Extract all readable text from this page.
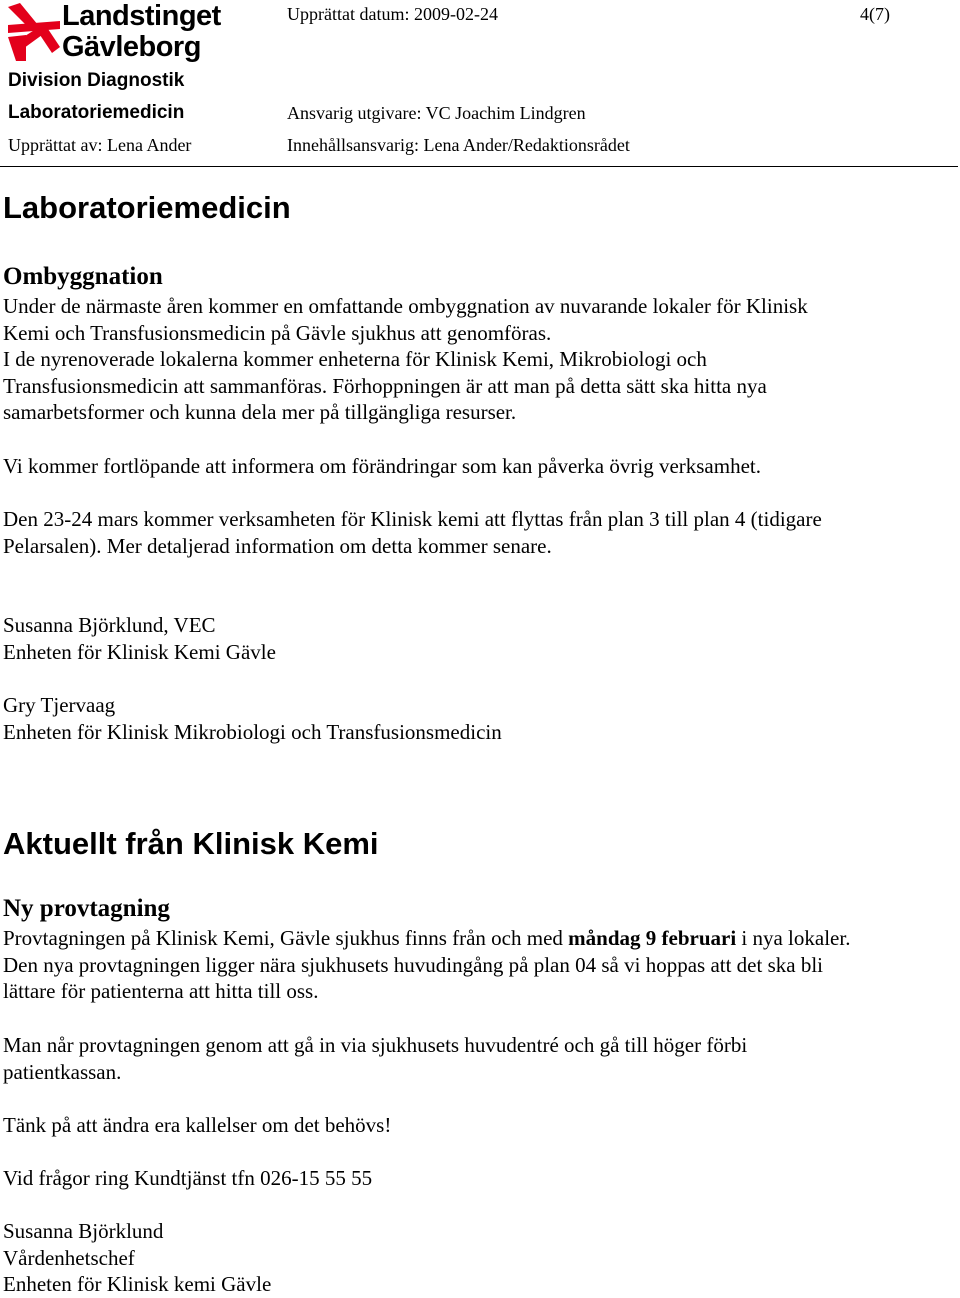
Landstinget
Gävleborg
Division Diagnostik
Laboratoriemedicin
Upprättat av: Lena Ander
Upprättat datum: 2009-02-24	4(7)
Ansvarig utgivare: VC Joachim Lindgren
Innehållsansvarig: Lena Ander/Redaktionsrådet
Laboratoriemedicin
Ombyggnation
Under de närmaste åren kommer en omfattande ombyggnation av nuvarande lokaler för Klinisk
Kemi och Transfusionsmedicin på Gävle sjukhus att genomföras.
I de nyrenoverade lokalerna kommer enheterna för Klinisk Kemi, Mikrobiologi och
Transfusionsmedicin att sammanföras. Förhoppningen är att man på detta sätt ska hitta nya
samarbetsformer och kunna dela mer på tillgängliga resurser.
Vi kommer fortlöpande att informera om förändringar som kan påverka övrig verksamhet.
Den 23-24 mars kommer verksamheten för Klinisk kemi att flyttas från plan 3 till plan 4 (tidigare
Pelarsalen). Mer detaljerad information om detta kommer senare.
Susanna Björklund, VEC
Enheten för Klinisk Kemi Gävle
Gry Tjervaag
Enheten för Klinisk Mikrobiologi och Transfusionsmedicin
Aktuellt från Klinisk Kemi
Ny provtagning
Provtagningen på Klinisk Kemi, Gävle sjukhus finns från och med måndag 9 februari i nya lokaler.
Den nya provtagningen ligger nära sjukhusets huvudingång på plan 04 så vi hoppas att det ska bli
lättare för patienterna att hitta till oss.
Man når provtagningen genom att gå in via sjukhusets huvudentré och gå till höger förbi
patientkassan.
Tänk på att ändra era kallelser om det behövs!
Vid frågor ring Kundtjänst tfn 026-15 55 55
Susanna Björklund
Vårdenhetschef
Enheten för Klinisk kemi Gävle
